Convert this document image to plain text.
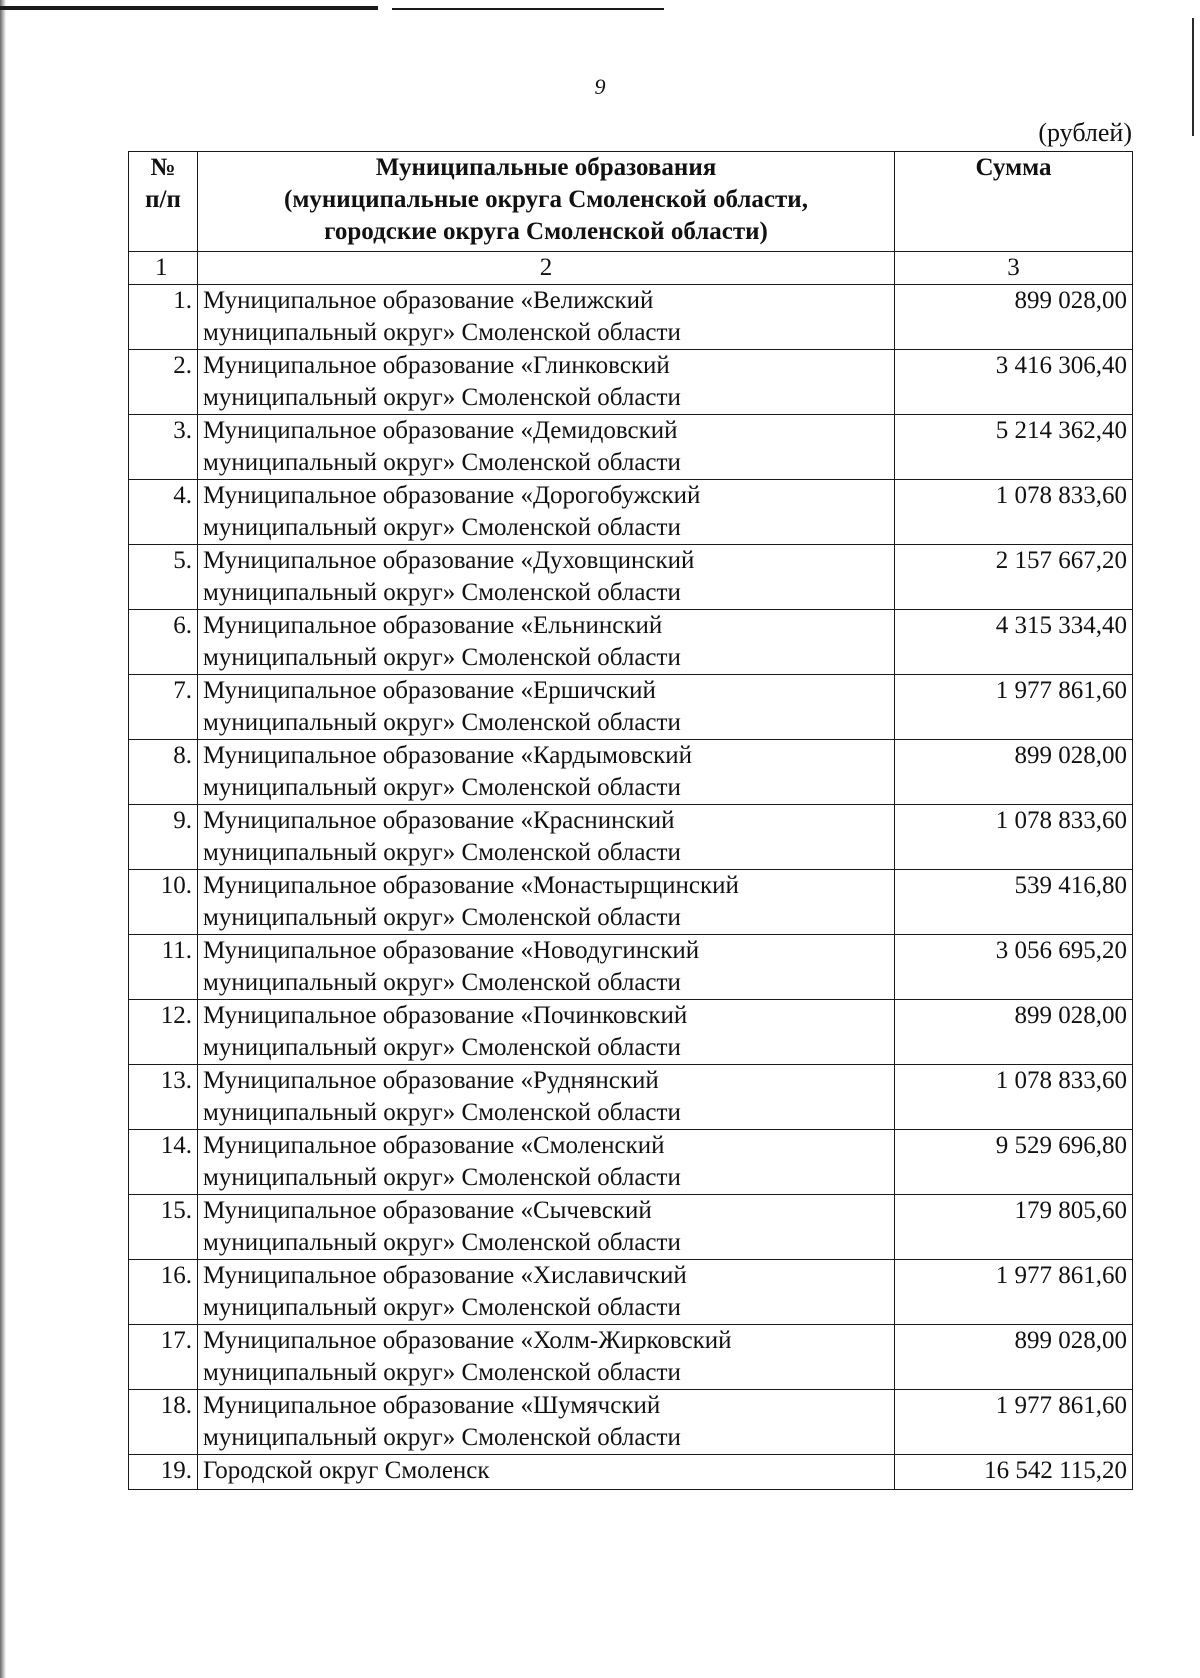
9
(рублей)
№
п/п	Муниципальные образования
(муниципальные округа Смоленской области,
городские округа Смоленской области)	Сумма
1	2	3
1.	Муниципальное образование «Велижский
муниципальный округ» Смоленской области	899 028,00
2.	Муниципальное образование «Глинковский
муниципальный округ» Смоленской области	3 416 306,40
3.	Муниципальное образование «Демидовский
муниципальный округ» Смоленской области	5 214 362,40
4.	Муниципальное образование «Дорогобужский
муниципальный округ» Смоленской области	1 078 833,60
5.	Муниципальное образование «Духовщинский
муниципальный округ» Смоленской области	2 157 667,20
6.	Муниципальное образование «Ельнинский
муниципальный округ» Смоленской области	4 315 334,40
7.	Муниципальное образование «Ершичский
муниципальный округ» Смоленской области	1 977 861,60
8.	Муниципальное образование «Кардымовский
муниципальный округ» Смоленской области	899 028,00
9.	Муниципальное образование «Краснинский
муниципальный округ» Смоленской области	1 078 833,60
10.	Муниципальное образование «Монастырщинский
муниципальный округ» Смоленской области	539 416,80
11.	Муниципальное образование «Новодугинский
муниципальный округ» Смоленской области	3 056 695,20
12.	Муниципальное образование «Починковский
муниципальный округ» Смоленской области	899 028,00
13.	Муниципальное образование «Руднянский
муниципальный округ» Смоленской области	1 078 833,60
14.	Муниципальное образование «Смоленский
муниципальный округ» Смоленской области	9 529 696,80
15.	Муниципальное образование «Сычевский
муниципальный округ» Смоленской области	179 805,60
16.	Муниципальное образование «Хиславичский
муниципальный округ» Смоленской области	1 977 861,60
17.	Муниципальное образование «Холм-Жирковский
муниципальный округ» Смоленской области	899 028,00
18.	Муниципальное образование «Шумячский
муниципальный округ» Смоленской области	1 977 861,60
19.	Городской округ Смоленск	16 542 115,20
